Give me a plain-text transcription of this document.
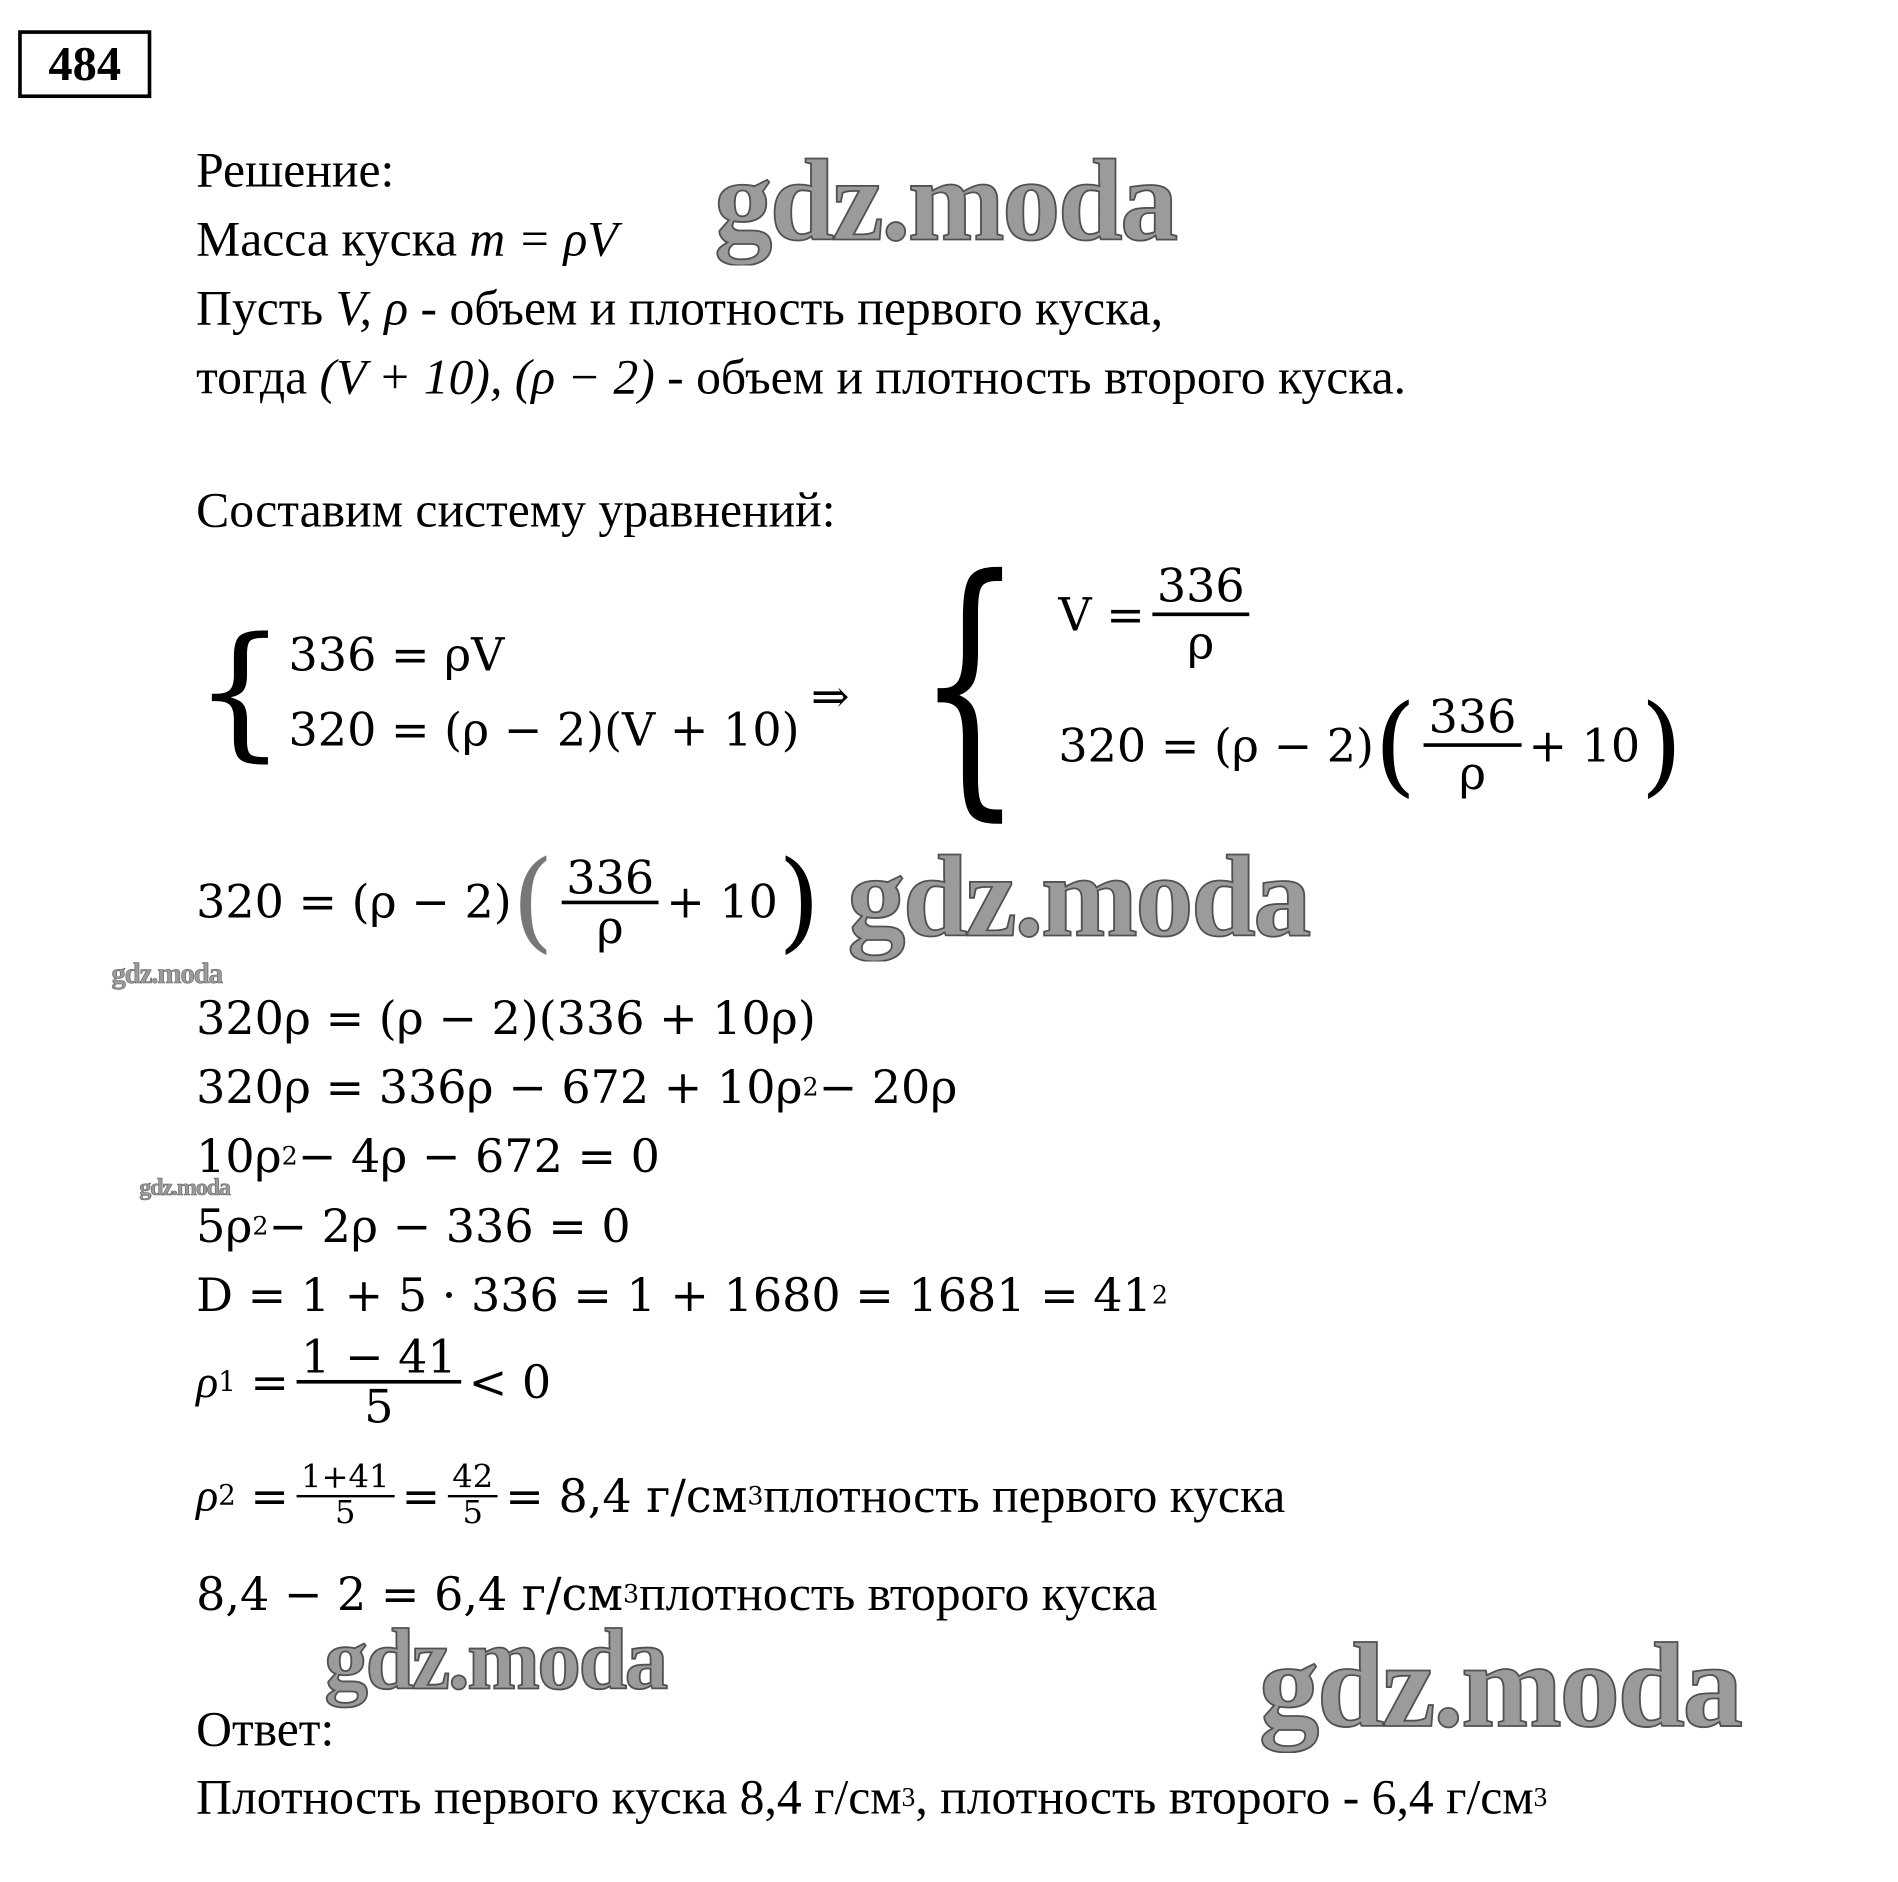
484
Решение:
Масса куска
m = ρV
Пусть
V, ρ
- объем и плотность первого куска,
тогда
(V + 10), (ρ − 2)
- объем и плотность второго куска.
Составим систему уравнений:
{ 336 = ρV
320 = (ρ − 2)(V + 10)
⇒ { $V = \frac{336}{\rho}$
320 = (ρ − 2) ( $\frac{336}{\rho} + 10$ )
320 = (ρ − 2) ( $\frac{336}{\rho} + 10$ )
320ρ = (ρ − 2)(336 + 10ρ)
320ρ = 336ρ − 672 + 10ρ 2 − 20ρ
10ρ 2 − 4ρ − 672 = 0
5ρ 2 − 2ρ − 336 = 0
D = 1 + 5 · 336 = 1 + 1680 = 1681 = 41 2
ρ 1
= $\frac{1 - 41}{5} < 0$
ρ 2
= $\frac{1+41}{5} = \frac{42}{5} = 8,4$ г/см 3 плотность первого куска
8,4 − 2 = 6,4 г/см 3 плотность второго куска
Ответ:
Плотность первого куска 8,4 г/см 3 , плотность второго - 6,4 г/см 3
gdz.moda
gdz.moda
gdz.moda
gdz.moda
gdz.moda	gdz.moda
